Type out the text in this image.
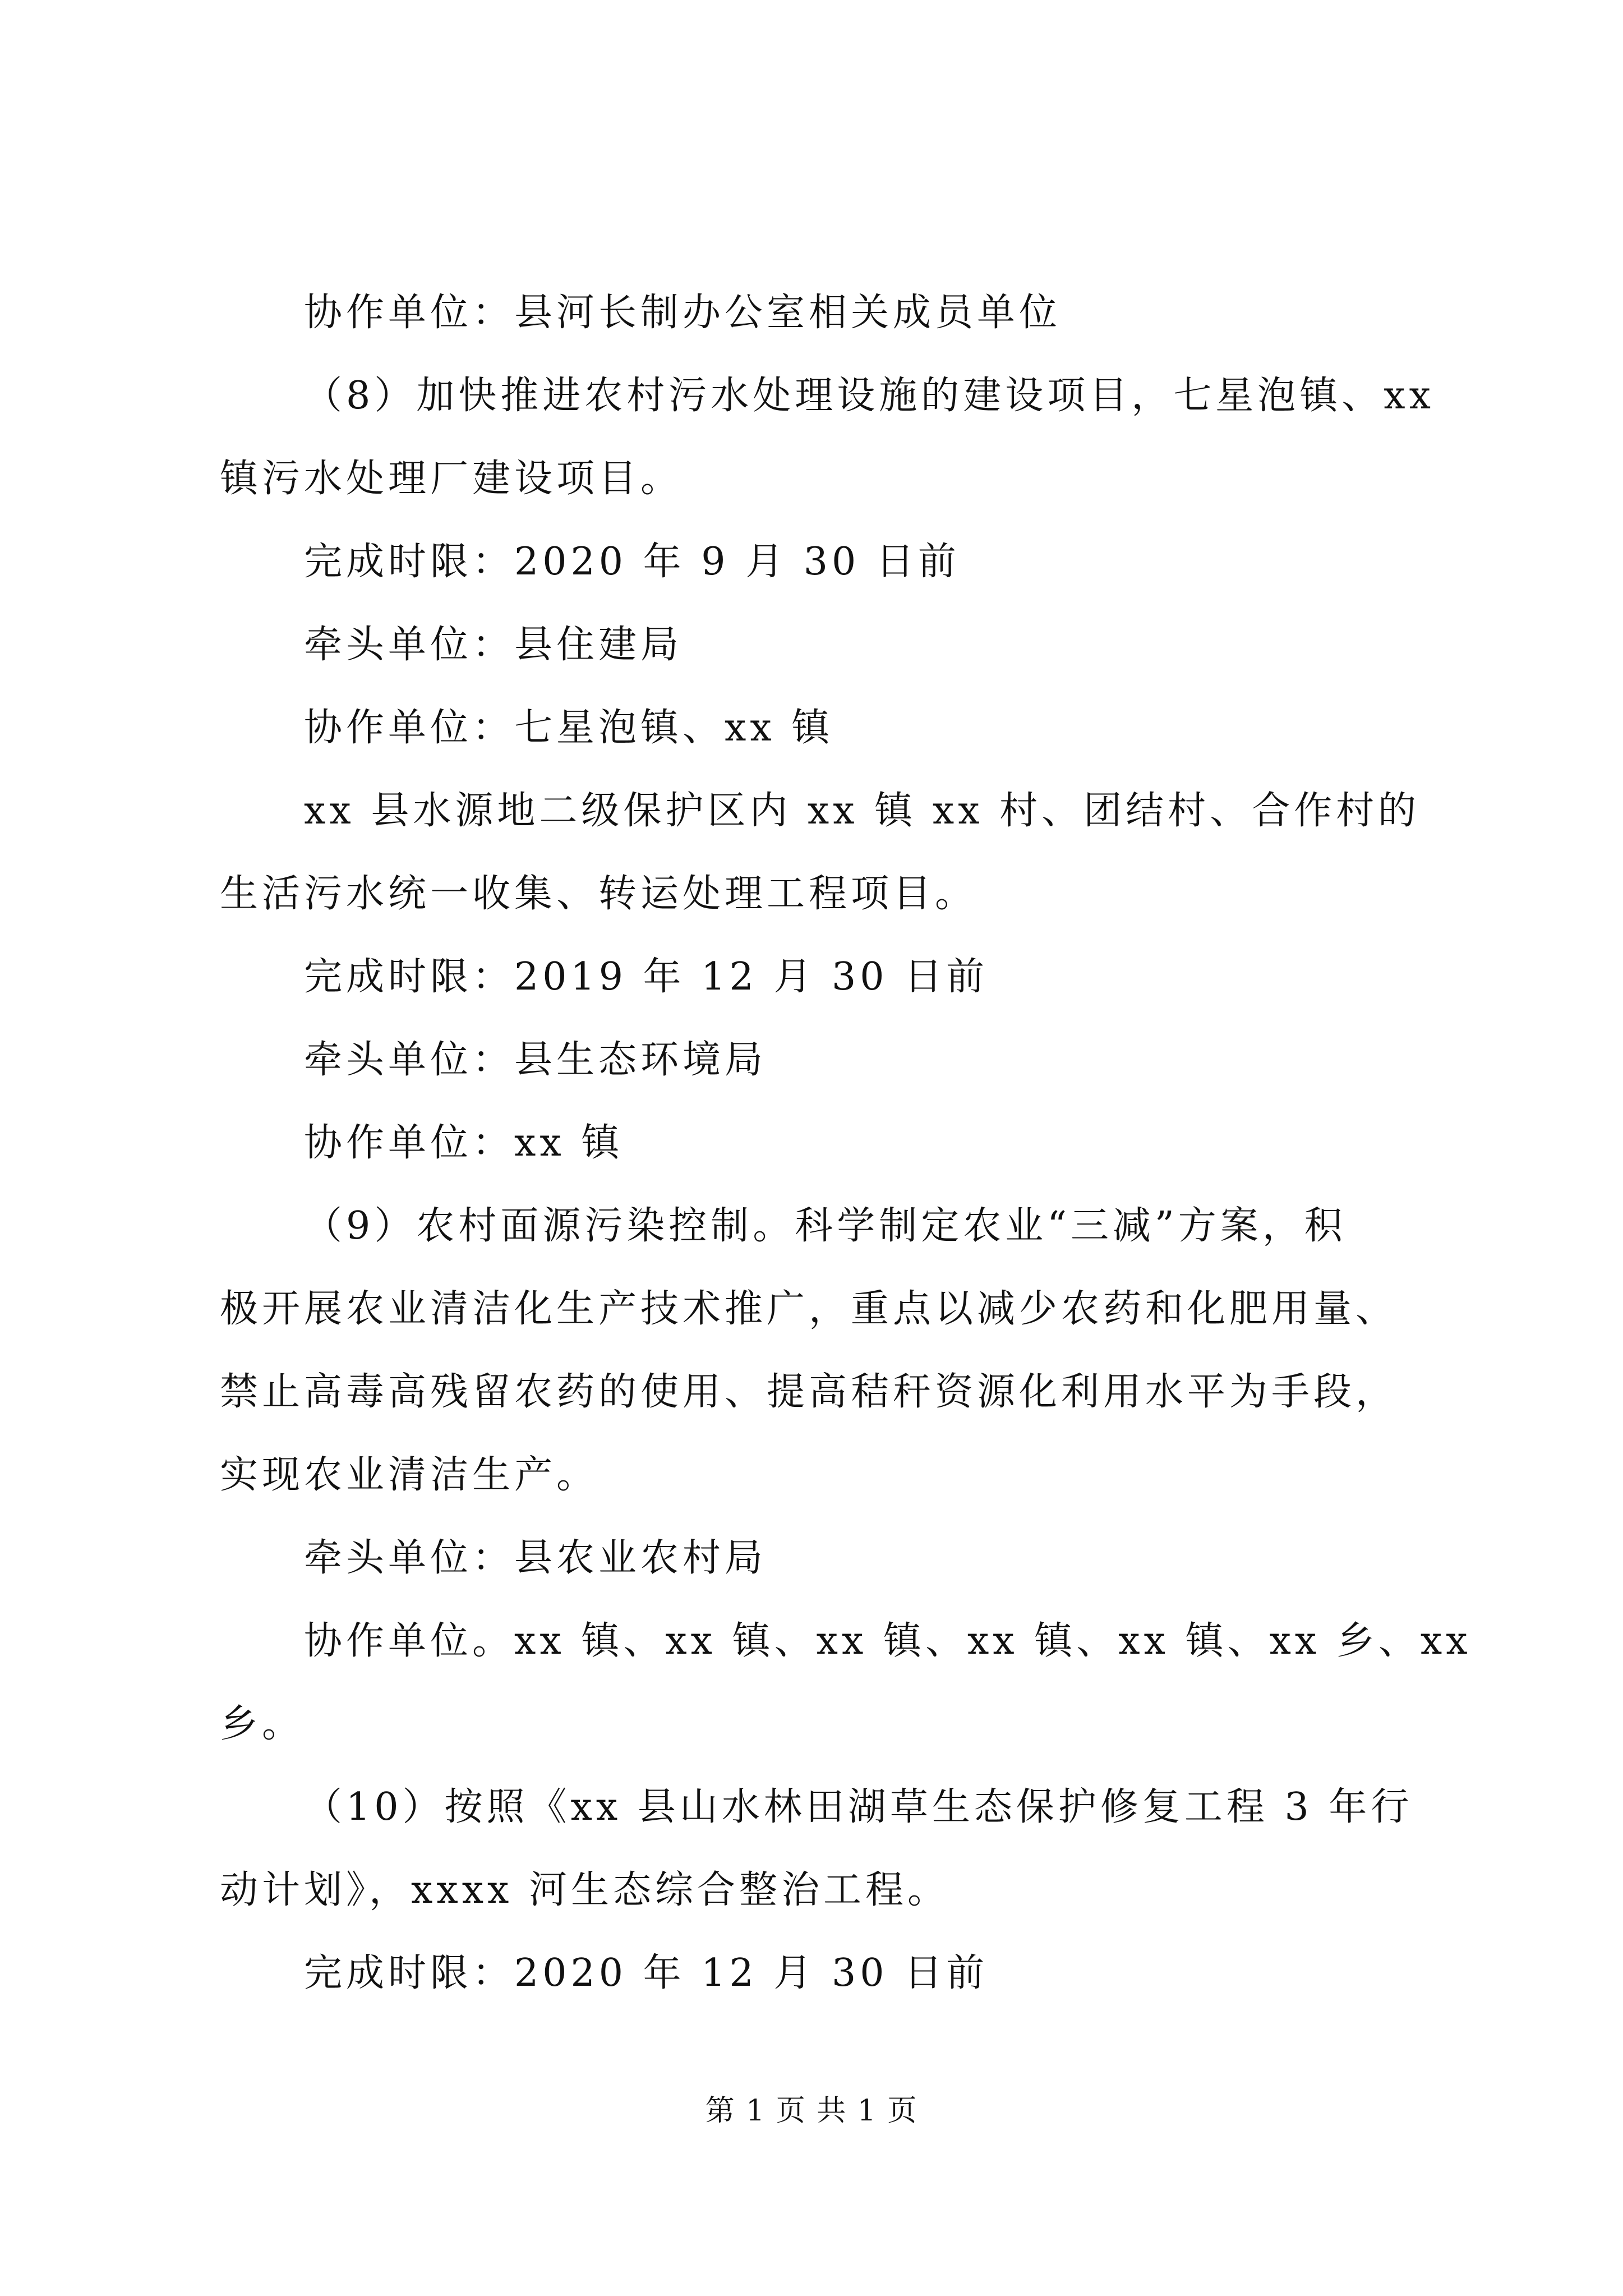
协作单位：县河长制办公室相关成员单位
（8）加快推进农村污水处理设施的建设项目，七星泡镇、xx
镇污水处理厂建设项目。
完成时限：2020 年 9 月 30 日前
牵头单位：县住建局
协作单位：七星泡镇、xx 镇
xx 县水源地二级保护区内 xx 镇 xx 村、团结村、合作村的
生活污水统一收集、转运处理工程项目。
完成时限：2019 年 12 月 30 日前
牵头单位：县生态环境局
协作单位：xx 镇
（9）农村面源污染控制。科学制定农业“三减”方案，积
极开展农业清洁化生产技术推广，重点以减少农药和化肥用量、
禁止高毒高残留农药的使用、提高秸秆资源化利用水平为手段，
实现农业清洁生产。
牵头单位：县农业农村局
协作单位。xx 镇、xx 镇、xx 镇、xx 镇、xx 镇、xx 乡、xx
乡。
（10）按照《xx 县山水林田湖草生态保护修复工程 3 年行
动计划》，xxxx 河生态综合整治工程。
完成时限：2020 年 12 月 30 日前
第 1 页 共 1 页
